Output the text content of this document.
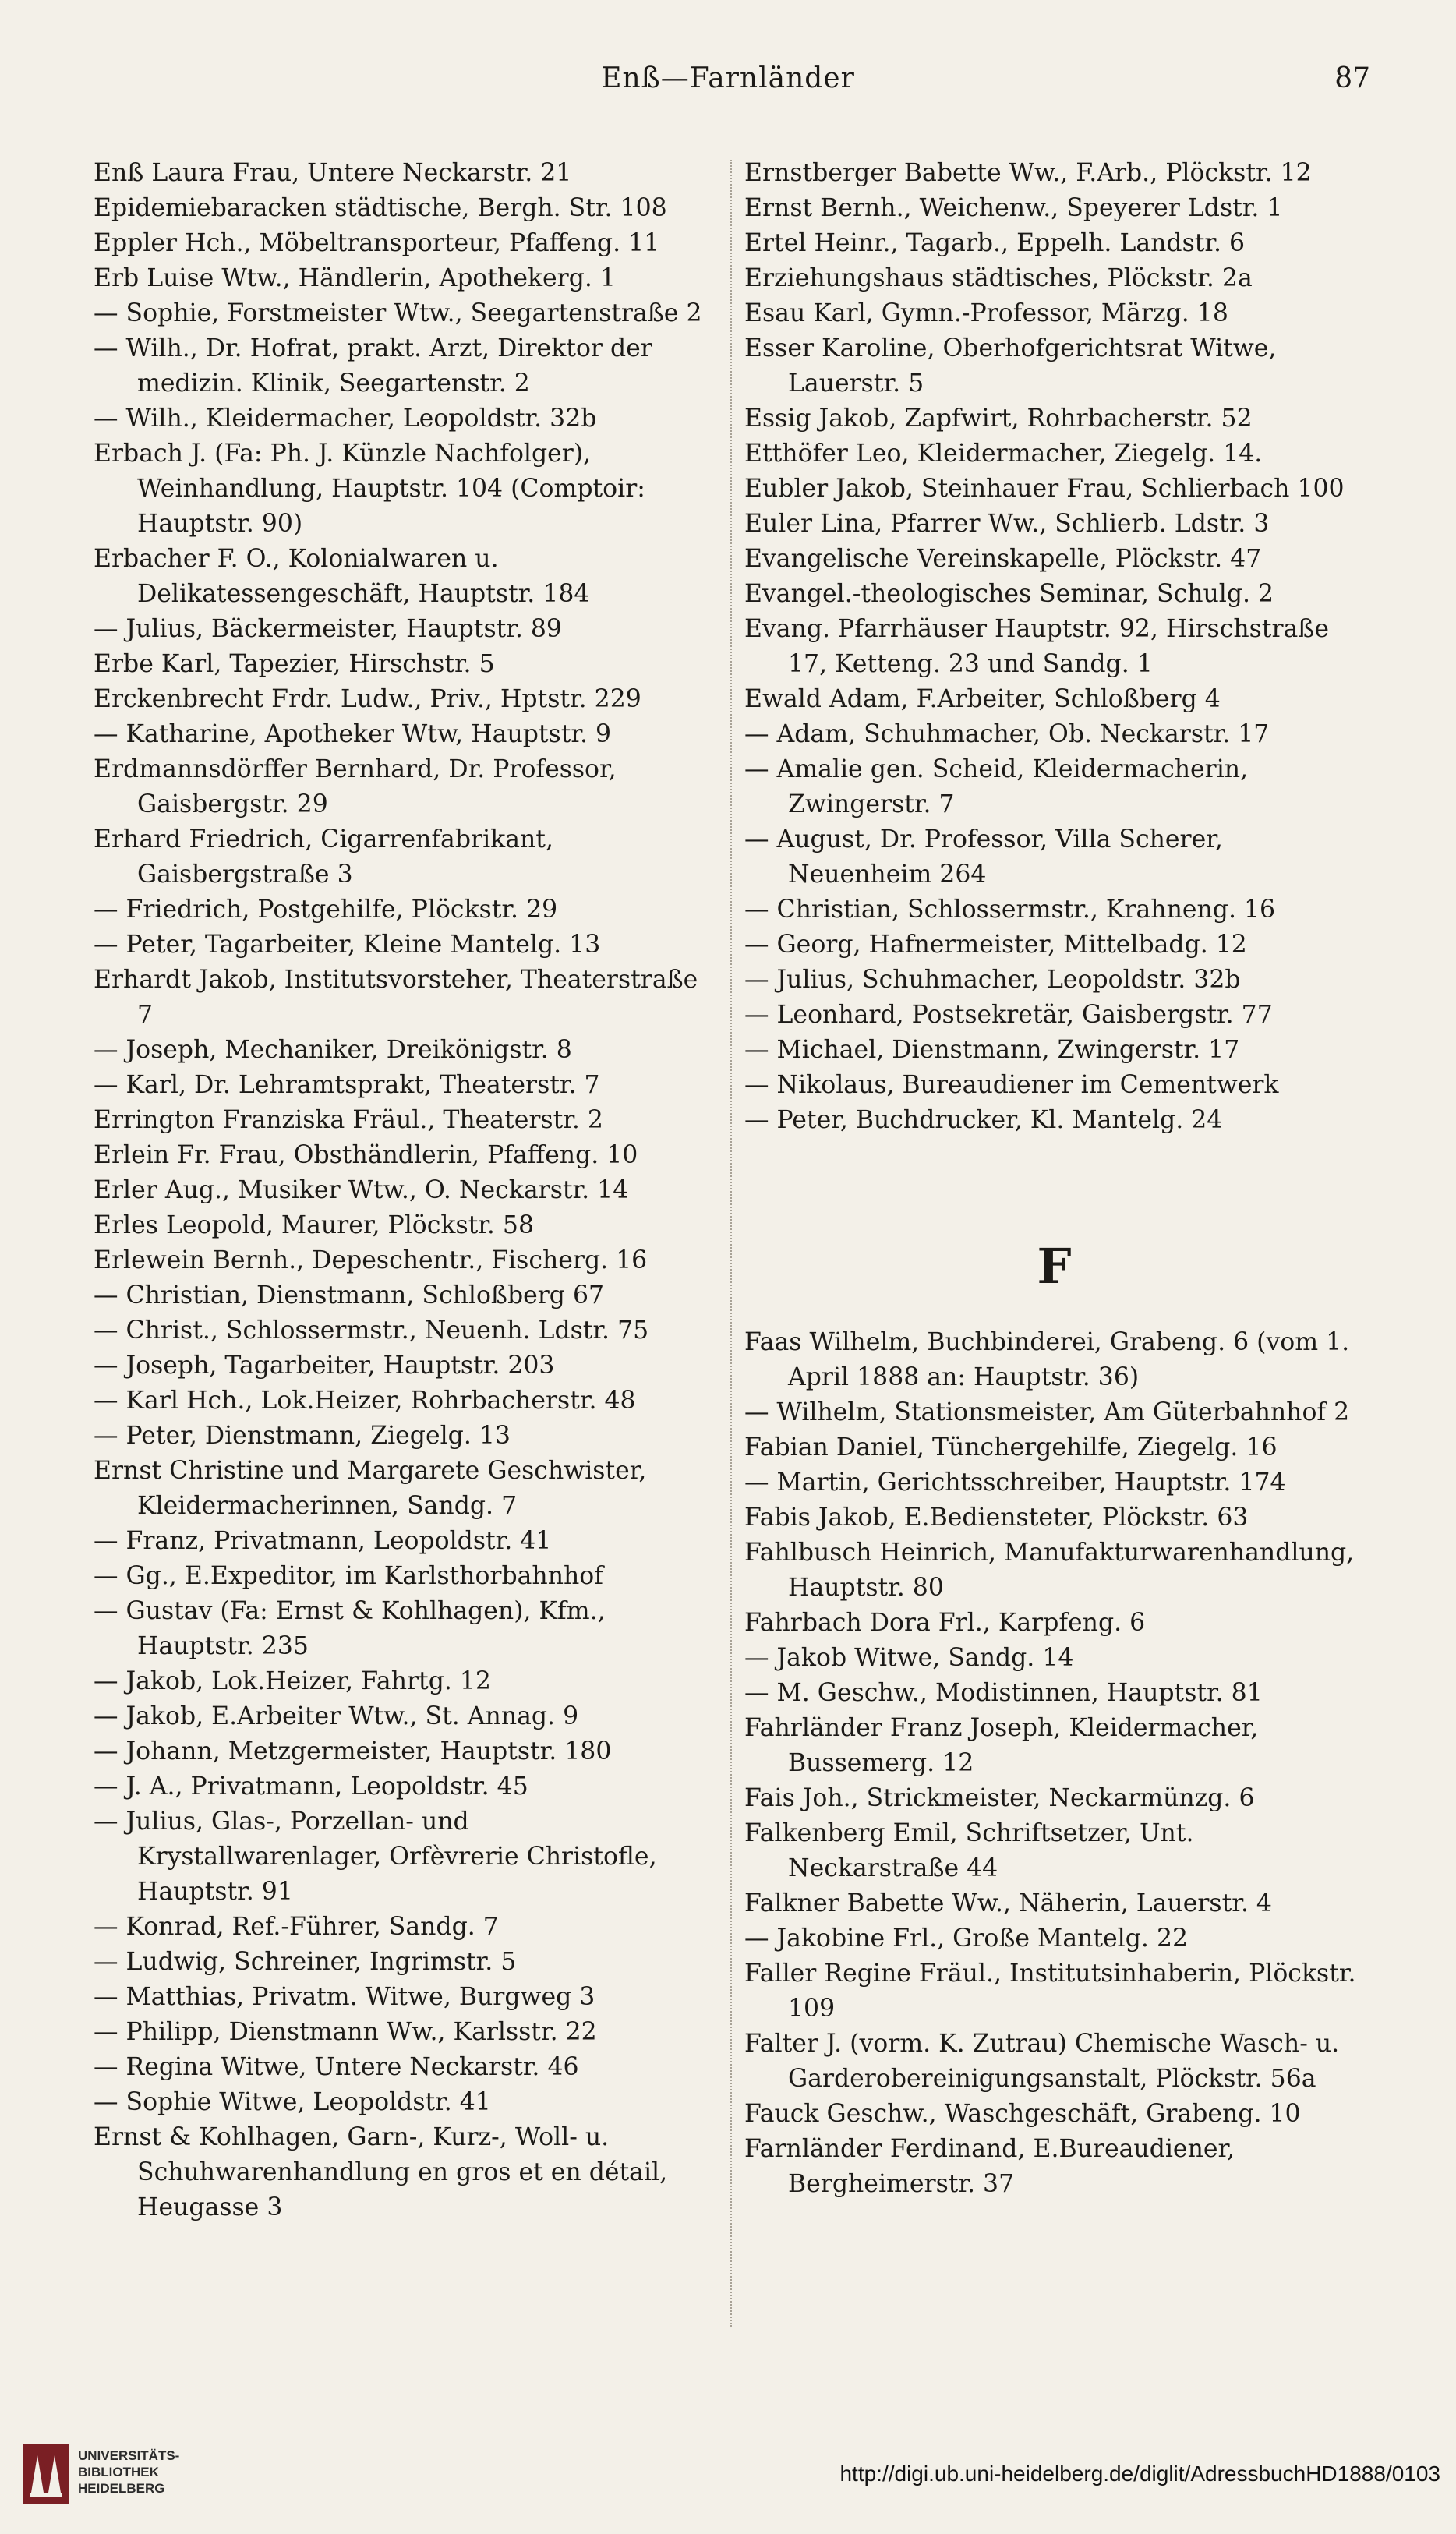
Enß—Farnländer	87
Enß Laura Frau, Untere Neckarstr. 21
Epidemiebaracken städtische, Bergh. Str. 108
Eppler Hch., Möbeltransporteur, Pfaffeng. 11
Erb Luise Wtw., Händlerin, Apothekerg. 1
— Sophie, Forstmeister Wtw., Seegartenstraße 2
— Wilh., Dr. Hofrat, prakt. Arzt, Direktor der medizin. Klinik, Seegartenstr. 2
— Wilh., Kleidermacher, Leopoldstr. 32b
Erbach J. (Fa: Ph. J. Künzle Nachfolger), Weinhandlung, Hauptstr. 104 (Comptoir: Hauptstr. 90)
Erbacher F. O., Kolonialwaren u. Delikatessengeschäft, Hauptstr. 184
— Julius, Bäckermeister, Hauptstr. 89
Erbe Karl, Tapezier, Hirschstr. 5
Erckenbrecht Frdr. Ludw., Priv., Hptstr. 229
— Katharine, Apotheker Wtw, Hauptstr. 9
Erdmannsdörffer Bernhard, Dr. Professor, Gaisbergstr. 29
Erhard Friedrich, Cigarrenfabrikant, Gaisbergstraße 3
— Friedrich, Postgehilfe, Plöckstr. 29
— Peter, Tagarbeiter, Kleine Mantelg. 13
Erhardt Jakob, Institutsvorsteher, Theaterstraße 7
— Joseph, Mechaniker, Dreikönigstr. 8
— Karl, Dr. Lehramtsprakt, Theaterstr. 7
Errington Franziska Fräul., Theaterstr. 2
Erlein Fr. Frau, Obsthändlerin, Pfaffeng. 10
Erler Aug., Musiker Wtw., O. Neckarstr. 14
Erles Leopold, Maurer, Plöckstr. 58
Erlewein Bernh., Depeschentr., Fischerg. 16
— Christian, Dienstmann, Schloßberg 67
— Christ., Schlossermstr., Neuenh. Ldstr. 75
— Joseph, Tagarbeiter, Hauptstr. 203
— Karl Hch., Lok.Heizer, Rohrbacherstr. 48
— Peter, Dienstmann, Ziegelg. 13
Ernst Christine und Margarete Geschwister, Kleidermacherinnen, Sandg. 7
— Franz, Privatmann, Leopoldstr. 41
— Gg., E.Expeditor, im Karlsthorbahnhof
— Gustav (Fa: Ernst & Kohlhagen), Kfm., Hauptstr. 235
— Jakob, Lok.Heizer, Fahrtg. 12
— Jakob, E.Arbeiter Wtw., St. Annag. 9
— Johann, Metzgermeister, Hauptstr. 180
— J. A., Privatmann, Leopoldstr. 45
— Julius, Glas-, Porzellan- und Krystallwarenlager, Orfèvrerie Christofle, Hauptstr. 91
— Konrad, Ref.-Führer, Sandg. 7
— Ludwig, Schreiner, Ingrimstr. 5
— Matthias, Privatm. Witwe, Burgweg 3
— Philipp, Dienstmann Ww., Karlsstr. 22
— Regina Witwe, Untere Neckarstr. 46
— Sophie Witwe, Leopoldstr. 41
Ernst & Kohlhagen, Garn-, Kurz-, Woll- u. Schuhwarenhandlung en gros et en détail, Heugasse 3
Ernstberger Babette Ww., F.Arb., Plöckstr. 12
Ernst Bernh., Weichenw., Speyerer Ldstr. 1
Ertel Heinr., Tagarb., Eppelh. Landstr. 6
Erziehungshaus städtisches, Plöckstr. 2a
Esau Karl, Gymn.-Professor, Märzg. 18
Esser Karoline, Oberhofgerichtsrat Witwe, Lauerstr. 5
Essig Jakob, Zapfwirt, Rohrbacherstr. 52
Etthöfer Leo, Kleidermacher, Ziegelg. 14.
Eubler Jakob, Steinhauer Frau, Schlierbach 100
Euler Lina, Pfarrer Ww., Schlierb. Ldstr. 3
Evangelische Vereinskapelle, Plöckstr. 47
Evangel.-theologisches Seminar, Schulg. 2
Evang. Pfarrhäuser Hauptstr. 92, Hirschstraße 17, Ketteng. 23 und Sandg. 1
Ewald Adam, F.Arbeiter, Schloßberg 4
— Adam, Schuhmacher, Ob. Neckarstr. 17
— Amalie gen. Scheid, Kleidermacherin, Zwingerstr. 7
— August, Dr. Professor, Villa Scherer, Neuenheim 264
— Christian, Schlossermstr., Krahneng. 16
— Georg, Hafnermeister, Mittelbadg. 12
— Julius, Schuhmacher, Leopoldstr. 32b
— Leonhard, Postsekretär, Gaisbergstr. 77
— Michael, Dienstmann, Zwingerstr. 17
— Nikolaus, Bureaudiener im Cementwerk
— Peter, Buchdrucker, Kl. Mantelg. 24
F
Faas Wilhelm, Buchbinderei, Grabeng. 6 (vom 1. April 1888 an: Hauptstr. 36)
— Wilhelm, Stationsmeister, Am Güterbahnhof 2
Fabian Daniel, Tünchergehilfe, Ziegelg. 16
— Martin, Gerichtsschreiber, Hauptstr. 174
Fabis Jakob, E.Bediensteter, Plöckstr. 63
Fahlbusch Heinrich, Manufakturwarenhandlung, Hauptstr. 80
Fahrbach Dora Frl., Karpfeng. 6
— Jakob Witwe, Sandg. 14
— M. Geschw., Modistinnen, Hauptstr. 81
Fahrländer Franz Joseph, Kleidermacher, Bussemerg. 12
Fais Joh., Strickmeister, Neckarmünzg. 6
Falkenberg Emil, Schriftsetzer, Unt. Neckarstraße 44
Falkner Babette Ww., Näherin, Lauerstr. 4
— Jakobine Frl., Große Mantelg. 22
Faller Regine Fräul., Institutsinhaberin, Plöckstr. 109
Falter J. (vorm. K. Zutrau) Chemische Wasch- u. Garderobereinigungsanstalt, Plöckstr. 56a
Fauck Geschw., Waschgeschäft, Grabeng. 10
Farnländer Ferdinand, E.Bureaudiener, Bergheimerstr. 37
UNIVERSITÄTS-
BIBLIOTHEK
HEIDELBERG
http://digi.ub.uni-heidelberg.de/diglit/AdressbuchHD1888/0103
